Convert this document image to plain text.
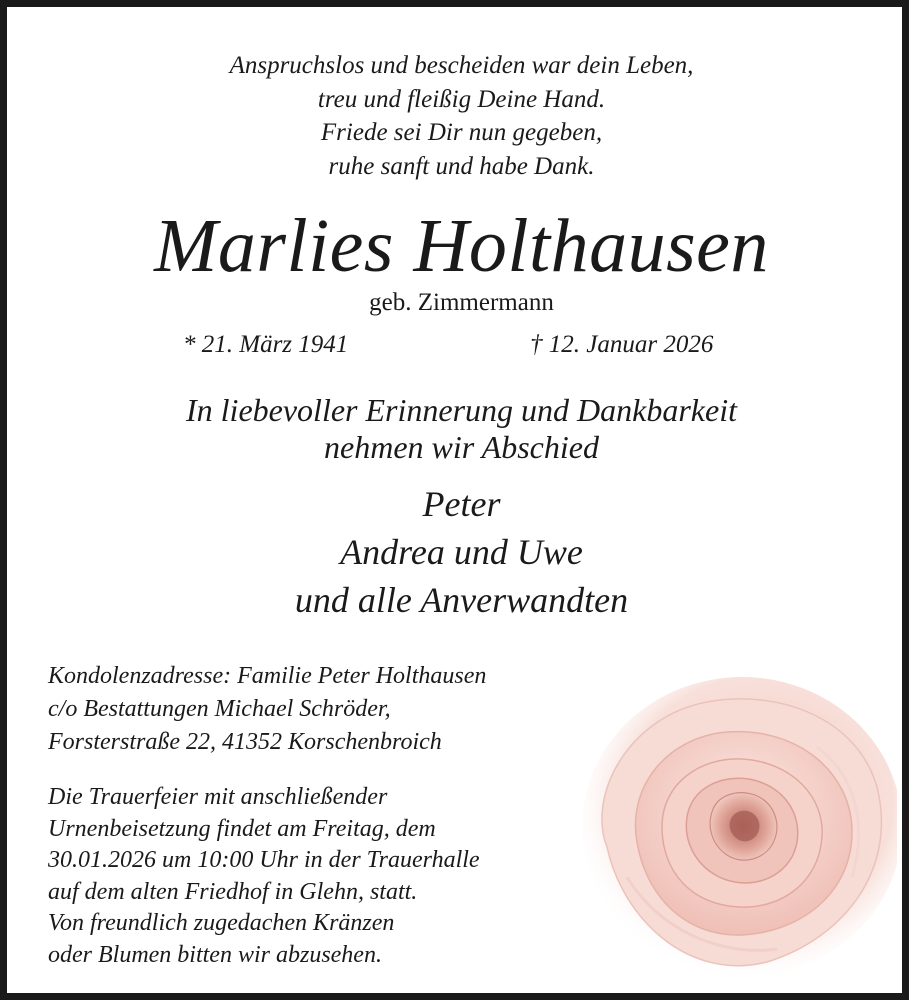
Anspruchslos und bescheiden war dein Leben,
treu und fleißig Deine Hand.
Friede sei Dir nun gegeben,
ruhe sanft und habe Dank.
Marlies Holthausen
geb. Zimmermann
* 21. März 1941	† 12. Januar 2026
In liebevoller Erinnerung und Dankbarkeit
nehmen wir Abschied
Peter
Andrea und Uwe
und alle Anverwandten
Kondolenzadresse: Familie Peter Holthausen
c/o Bestattungen Michael Schröder,
Forsterstraße 22, 41352 Korschenbroich
Die Trauerfeier mit anschließender
Urnenbeisetzung findet am Freitag, dem
30.01.2026 um 10:00 Uhr in der Trauerhalle
auf dem alten Friedhof in Glehn, statt.
Von freundlich zugedachen Kränzen
oder Blumen bitten wir abzusehen.
